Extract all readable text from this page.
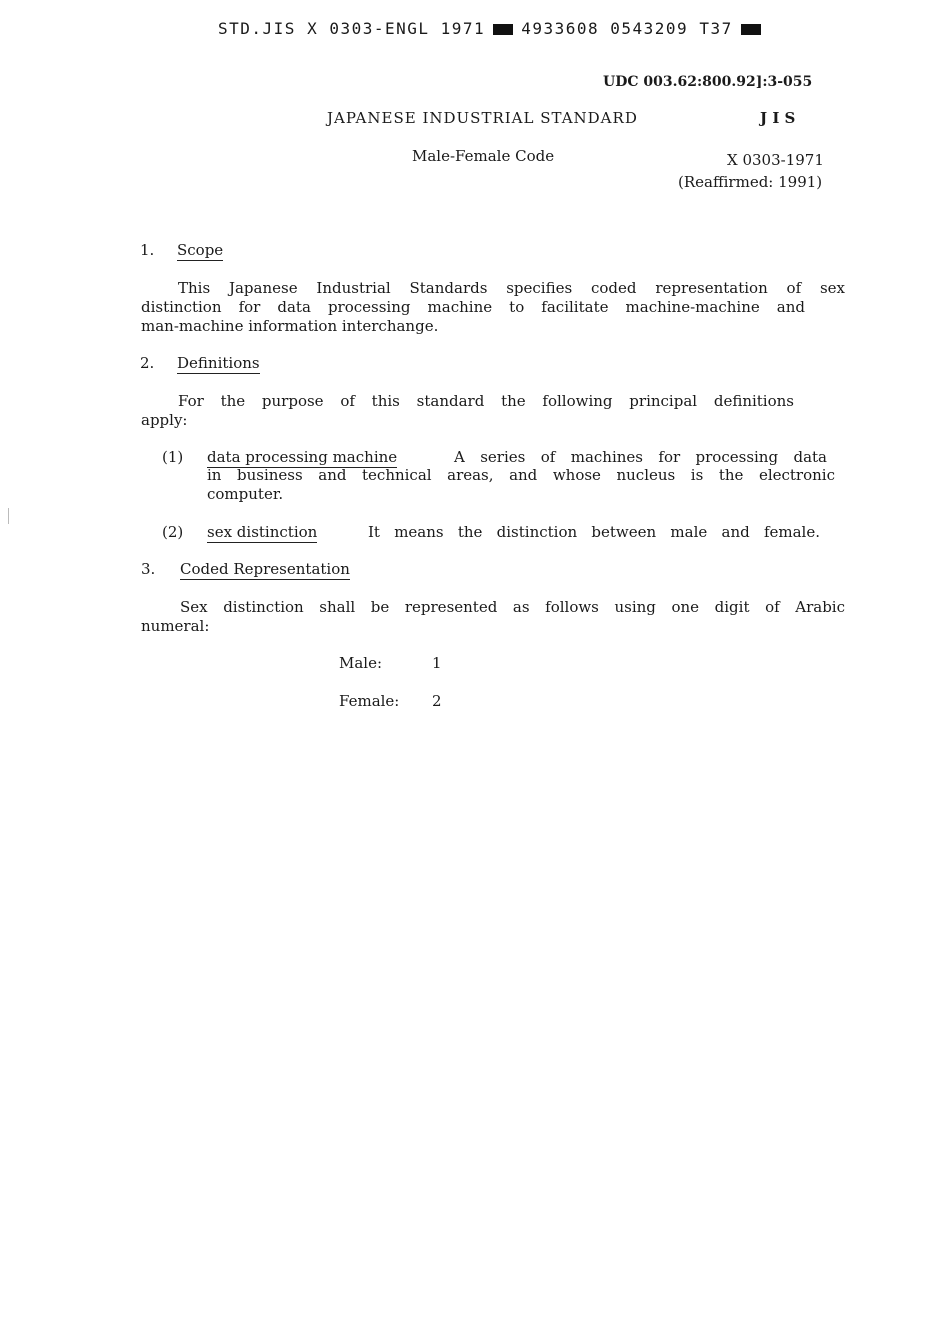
STD.JIS X 0303-ENGL 1971 4933608 0543209 T37
UDC 003.62:800.92]:3-055
JAPANESE INDUSTRIAL STANDARD	J I S
Male-Female Code	X 0303-1971
(Reaffirmed: 1991)
1. Scope
This Japanese Industrial Standards specifies coded representation of sex
distinction for data processing machine to facilitate machine-machine and
man-machine information interchange.
2. Definitions
For the purpose of this standard the following principal definitions
apply:
(1) data processing machine	A series of machines for processing data
in business and technical areas, and whose nucleus is the electronic
computer.
(2) sex distinction	It means the distinction between male and female.
3. Coded Representation
Sex distinction shall be represented as follows using one digit of Arabic
numeral:
Male:	1
Female: 2
